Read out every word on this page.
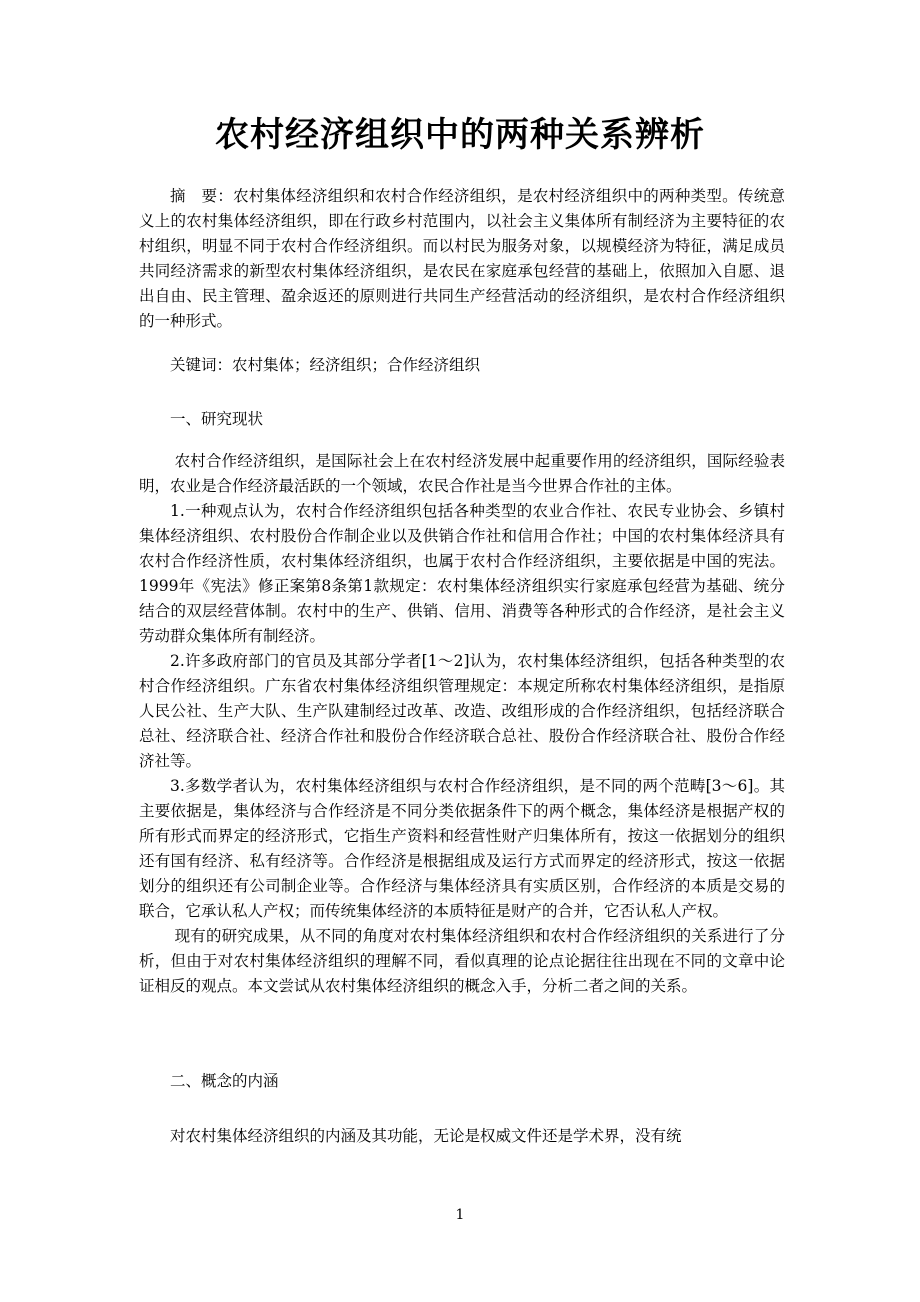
农村经济组织中的两种关系辨析

摘　要：农村集体经济组织和农村合作经济组织，是农村经济组织中的两种类型。传统意义上的农村集体经济组织，即在行政乡村范围内，以社会主义集体所有制经济为主要特征的农村组织，明显不同于农村合作经济组织。而以村民为服务对象，以规模经济为特征，满足成员共同经济需求的新型农村集体经济组织，是农民在家庭承包经营的基础上，依照加入自愿、退出自由、民主管理、盈余返还的原则进行共同生产经营活动的经济组织，是农村合作经济组织的一种形式。

关键词：农村集体；经济组织；合作经济组织

一、研究现状

农村合作经济组织，是国际社会上在农村经济发展中起重要作用的经济组织，国际经验表明，农业是合作经济最活跃的一个领域，农民合作社是当今世界合作社的主体。

1.一种观点认为，农村合作经济组织包括各种类型的农业合作社、农民专业协会、乡镇村集体经济组织、农村股份合作制企业以及供销合作社和信用合作社；中国的农村集体经济具有农村合作经济性质，农村集体经济组织，也属于农村合作经济组织，主要依据是中国的宪法。1999年《宪法》修正案第8条第1款规定：农村集体经济组织实行家庭承包经营为基础、统分结合的双层经营体制。农村中的生产、供销、信用、消费等各种形式的合作经济，是社会主义劳动群众集体所有制经济。

2.许多政府部门的官员及其部分学者[1～2]认为，农村集体经济组织，包括各种类型的农村合作经济组织。广东省农村集体经济组织管理规定：本规定所称农村集体经济组织，是指原人民公社、生产大队、生产队建制经过改革、改造、改组形成的合作经济组织，包括经济联合总社、经济联合社、经济合作社和股份合作经济联合总社、股份合作经济联合社、股份合作经济社等。

3.多数学者认为，农村集体经济组织与农村合作经济组织，是不同的两个范畴[3～6]。其主要依据是，集体经济与合作经济是不同分类依据条件下的两个概念，集体经济是根据产权的所有形式而界定的经济形式，它指生产资料和经营性财产归集体所有，按这一依据划分的组织还有国有经济、私有经济等。合作经济是根据组成及运行方式而界定的经济形式，按这一依据划分的组织还有公司制企业等。合作经济与集体经济具有实质区别，合作经济的本质是交易的联合，它承认私人产权；而传统集体经济的本质特征是财产的合并，它否认私人产权。

现有的研究成果，从不同的角度对农村集体经济组织和农村合作经济组织的关系进行了分析，但由于对农村集体经济组织的理解不同，看似真理的论点论据往往出现在不同的文章中论证相反的观点。本文尝试从农村集体经济组织的概念入手，分析二者之间的关系。

二、概念的内涵

对农村集体经济组织的内涵及其功能，无论是权威文件还是学术界，没有统

1
